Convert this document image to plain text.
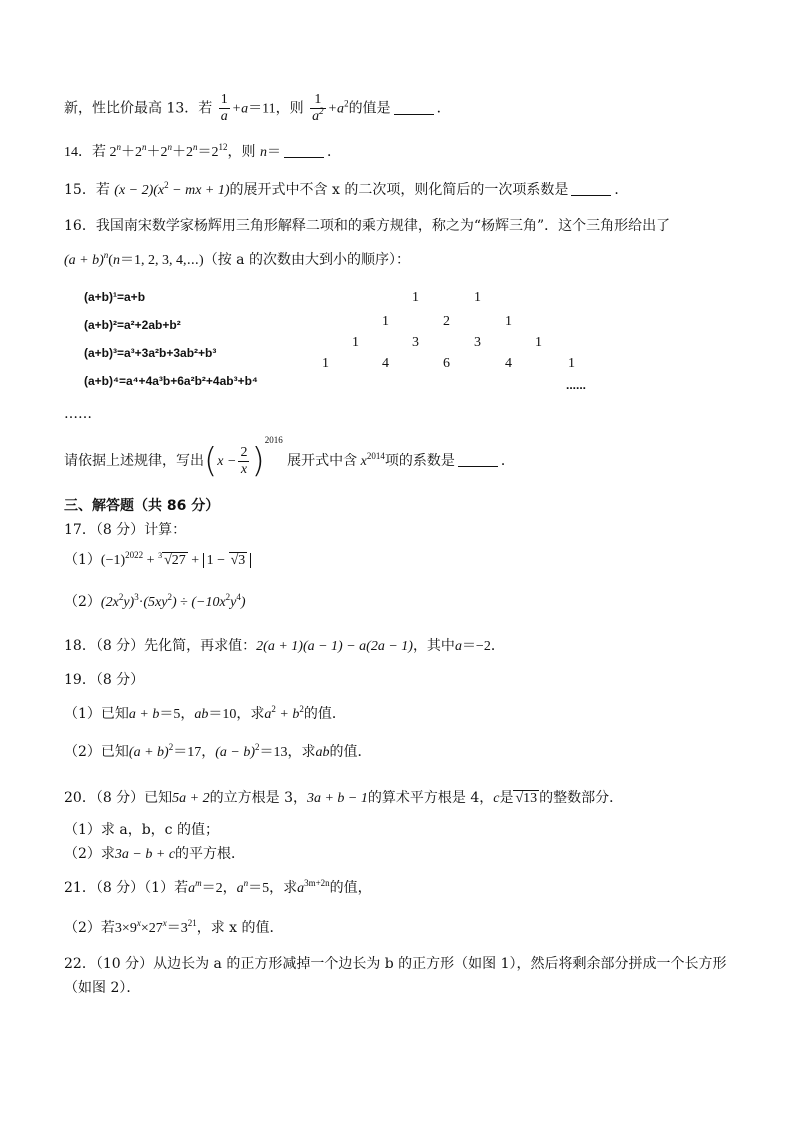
新，性比价最高 13．若 $\frac{1}{a} +a=11$，则 $\frac{1}{a^2} +a^2$的值是	．
14．若 $2^n+2^n+2^n+2^n=2^{12}$，则 n＝	．
15．若 $(x - 2)(x^2$ − mx + 1)的展开式中不含 x 的二次项，则化简后的一次项系数是	．
16．我国南宋数学家杨辉用三角形解释二项和的乘方规律，称之为“杨辉三角”．这个三角形给出了
$(a + b)^n(n=1$, 2, 3, 4,⋯)（按 a 的次数由大到小的顺序）：
(a+b)¹=a+b
(a+b)²=a²+2ab+b²
(a+b)³=a³+3a²b+3ab²+b³
(a+b)⁴=a⁴+4a³b+6a²b²+4ab³+b⁴
1	1
1	2	1
1	3	3	1
1	4	6	4	1
......
……
请依据上述规律，写出$(x - \frac{2}{x} )^{2016}$ 展开式中含 $x^{2014}$项的系数是	．
三、解答题（共 86 分）
17．（8 分）计算：
$(1)(-1)^{2022} + ^3$ √27 + 1 − √3
$(2)(2x^2y)^3\cdot(5xy^2) \div (-10x^2y^4)$
18．（8 分）先化简，再求值：2(a + 1)(a − 1) − a(2a − 1)，其中a＝−2．
19．（8 分）
（1）已知a + b＝5，ab＝10，求$a^2 + b^2$的值．
（2）已知$(a + b)^2=17$，$(a - b)^2=13$，求ab的值．
20．（8 分）已知5a + 2的立方根是 3，3a + b − 1的算术平方根是 4，c是 √13 的整数部分．
（1）求 a，b，c 的值；
（2）求3a − b + c的平方根．
21．（8 分）（1）若$a^m=2$，$a^n=5$，求$a^{3m+2n}$的值，
（2）若$3\times 9^x\times 27^x=3^{21}$，求 x 的值．
22．（10 分）从边长为 a 的正方形减掉一个边长为 b 的正方形（如图 1），然后将剩余部分拼成一个长方形
（如图 2）．
